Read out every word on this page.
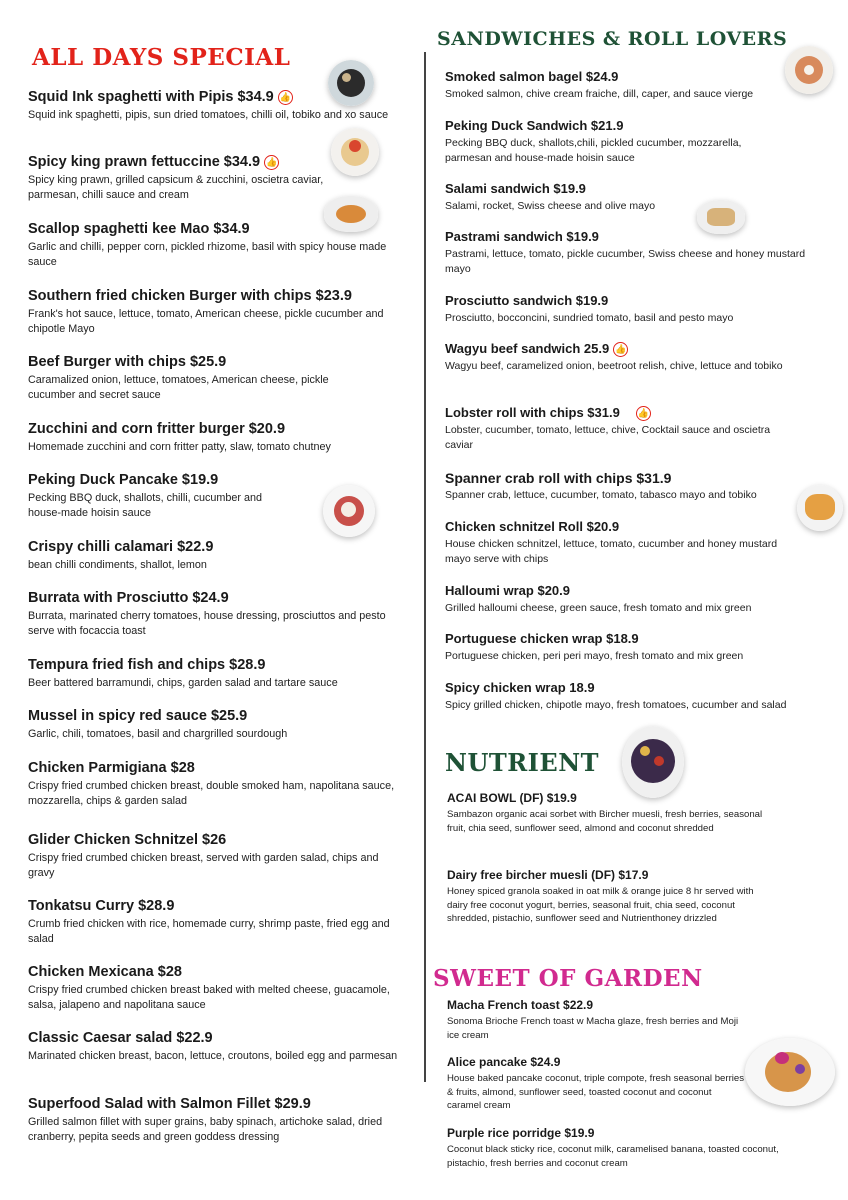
ALL DAYS SPECIAL
Squid Ink spaghetti with Pipis $34.9 👍
Squid ink spaghetti, pipis, sun dried tomatoes, chilli oil, tobiko and xo sauce
Spicy king prawn fettuccine $34.9 👍
Spicy king prawn, grilled capsicum & zucchini, oscietra caviar, parmesan, chilli sauce and cream
Scallop spaghetti kee Mao $34.9
Garlic and chilli, pepper corn, pickled rhizome, basil with spicy house made sauce
Southern fried chicken Burger with chips $23.9
Frank's hot sauce, lettuce, tomato, American cheese, pickle cucumber and chipotle Mayo
Beef Burger with chips $25.9
Caramalized onion, lettuce, tomatoes, American cheese, pickle cucumber and secret sauce
Zucchini and corn fritter burger $20.9
Homemade zucchini and corn fritter patty, slaw, tomato chutney
Peking Duck Pancake $19.9
Pecking BBQ duck, shallots, chilli, cucumber and house-made hoisin sauce
Crispy chilli calamari $22.9
bean chilli condiments, shallot, lemon
Burrata with Prosciutto $24.9
Burrata, marinated cherry tomatoes, house dressing, prosciuttos and pesto serve with focaccia toast
Tempura fried fish and chips $28.9
Beer battered barramundi, chips, garden salad and tartare sauce
Mussel in spicy red sauce $25.9
Garlic, chili, tomatoes, basil and chargrilled sourdough
Chicken Parmigiana $28
Crispy fried crumbed chicken breast, double smoked ham, napolitana sauce, mozzarella, chips & garden salad
Glider Chicken Schnitzel $26
Crispy fried crumbed chicken breast, served with garden salad, chips and gravy
Tonkatsu Curry $28.9
Crumb fried chicken with rice, homemade curry, shrimp paste, fried egg and salad
Chicken Mexicana $28
Crispy fried crumbed chicken breast baked with melted cheese, guacamole, salsa, jalapeno and napolitana sauce
Classic Caesar salad $22.9
Marinated chicken breast, bacon, lettuce, croutons, boiled egg and parmesan
Superfood Salad with Salmon Fillet $29.9
Grilled salmon fillet with super grains, baby spinach, artichoke salad, dried cranberry, pepita seeds and green goddess dressing
SANDWICHES & ROLL LOVERS
Smoked salmon bagel $24.9
Smoked salmon, chive cream fraiche, dill, caper, and sauce vierge
Peking Duck Sandwich $21.9
Pecking BBQ duck, shallots,chili, pickled cucumber, mozzarella, parmesan and house-made hoisin sauce
Salami sandwich $19.9
Salami, rocket, Swiss cheese and olive mayo
Pastrami sandwich $19.9
Pastrami, lettuce, tomato, pickle cucumber, Swiss cheese and honey mustard mayo
Prosciutto sandwich $19.9
Prosciutto, bocconcini, sundried tomato, basil and pesto mayo
Wagyu beef sandwich 25.9 👍
Wagyu beef, caramelized onion, beetroot relish, chive, lettuce and tobiko
Lobster roll with chips $31.9 👍
Lobster, cucumber, tomato, lettuce, chive, Cocktail sauce and oscietra caviar
Spanner crab roll with chips $31.9
Spanner crab, lettuce, cucumber, tomato, tabasco mayo and tobiko
Chicken schnitzel Roll $20.9
House chicken schnitzel, lettuce, tomato, cucumber and honey mustard mayo serve with chips
Halloumi wrap $20.9
Grilled halloumi cheese, green sauce, fresh tomato and mix green
Portuguese chicken wrap $18.9
Portuguese chicken, peri peri mayo, fresh tomato and mix green
Spicy chicken wrap 18.9
Spicy grilled chicken, chipotle mayo, fresh tomatoes, cucumber and salad
NUTRIENT
ACAI BOWL (DF) $19.9
Sambazon organic acai sorbet with Bircher muesli, fresh berries, seasonal fruit, chia seed, sunflower seed, almond and coconut shredded
Dairy free bircher muesli (DF) $17.9
Honey spiced granola soaked in oat milk & orange juice 8 hr served with dairy free coconut yogurt, berries, seasonal fruit, chia seed, coconut shredded, pistachio, sunflower seed and Nutrienthoney drizzled
SWEET OF GARDEN
Macha French toast $22.9
Sonoma Brioche French toast w Macha glaze, fresh berries and Moji ice cream
Alice pancake $24.9
House baked pancake coconut, triple compote, fresh seasonal berries & fruits, almond, sunflower seed, toasted coconut and coconut caramel cream
Purple rice porridge $19.9
Coconut black sticky rice, coconut milk, caramelised banana, toasted coconut, pistachio, fresh berries and coconut cream
